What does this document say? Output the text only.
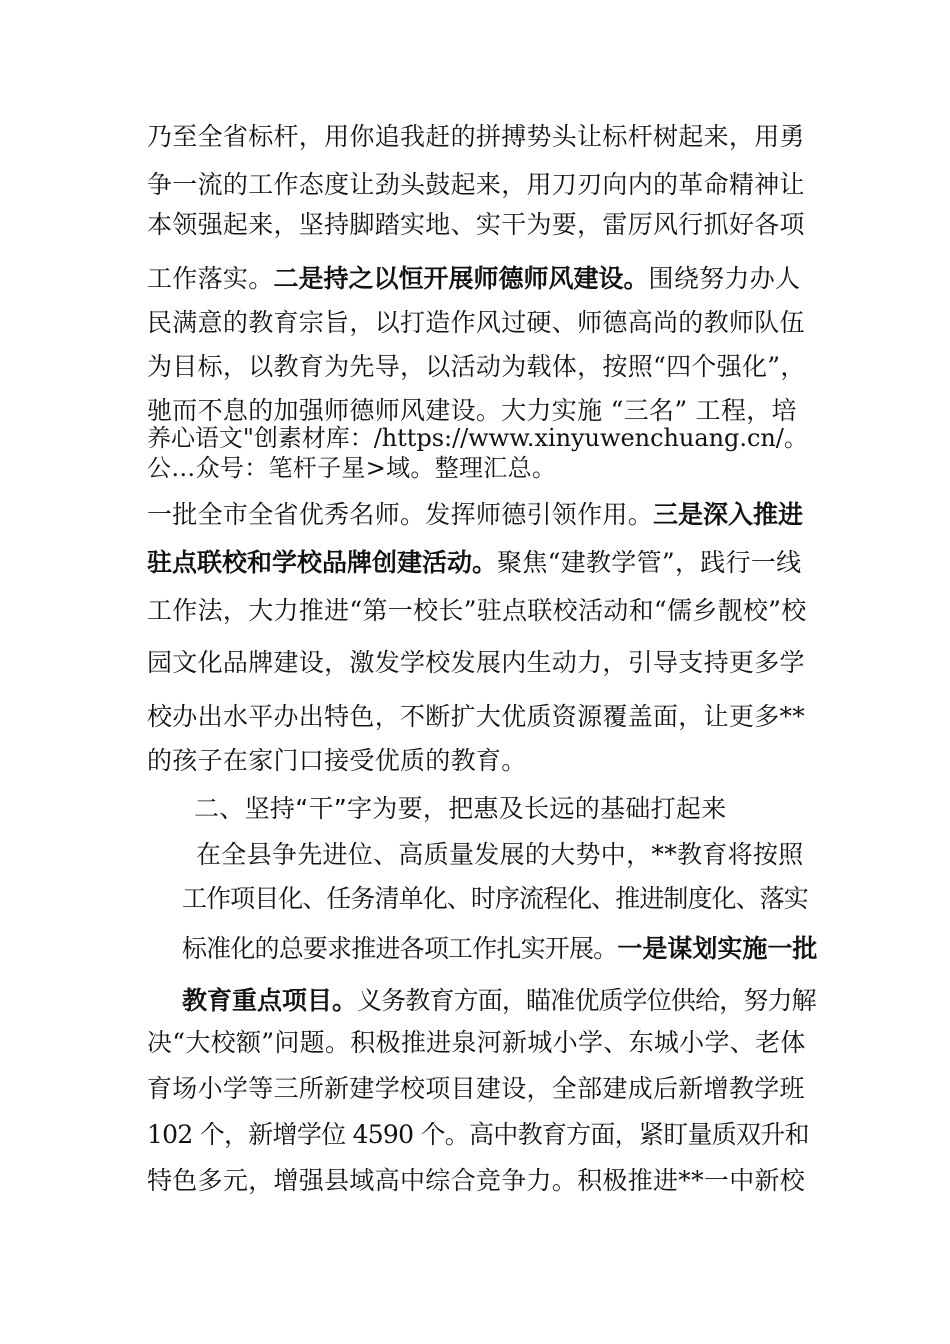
乃至全省标杆，用你追我赶的拼搏势头让标杆树起来，用勇
争一流的工作态度让劲头鼓起来，用刀刃向内的革命精神让
本领强起来，坚持脚踏实地、实干为要，雷厉风行抓好各项
工作落实。二是持之以恒开展师德师风建设。围绕努力办人
民满意的教育宗旨，以打造作风过硬、师德高尚的教师队伍
为目标，以教育为先导，以活动为载体，按照“四个强化”，
驰而不息的加强师德师风建设。大力实施 “三名” 工程，培
养心语文"创素材库：/https://www.xinyuwenchuang.cn/。
公…众号：笔杆子星>域。整理汇总。
一批全市全省优秀名师。发挥师德引领作用。三是深入推进
驻点联校和学校品牌创建活动。聚焦“建教学管”，践行一线
工作法，大力推进“第一校长”驻点联校活动和“儒乡靓校”校
园文化品牌建设，激发学校发展内生动力，引导支持更多学
校办出水平办出特色，不断扩大优质资源覆盖面，让更多**
的孩子在家门口接受优质的教育。
二、坚持“干”字为要，把惠及长远的基础打起来
在全县争先进位、高质量发展的大势中，**教育将按照
工作项目化、任务清单化、时序流程化、推进制度化、落实
标准化的总要求推进各项工作扎实开展。一是谋划实施一批
教育重点项目。义务教育方面，瞄准优质学位供给，努力解
决“大校额”问题。积极推进泉河新城小学、东城小学、老体
育场小学等三所新建学校项目建设，全部建成后新增教学班
102 个，新增学位 4590 个。高中教育方面，紧盯量质双升和
特色多元，增强县域高中综合竞争力。积极推进**一中新校
